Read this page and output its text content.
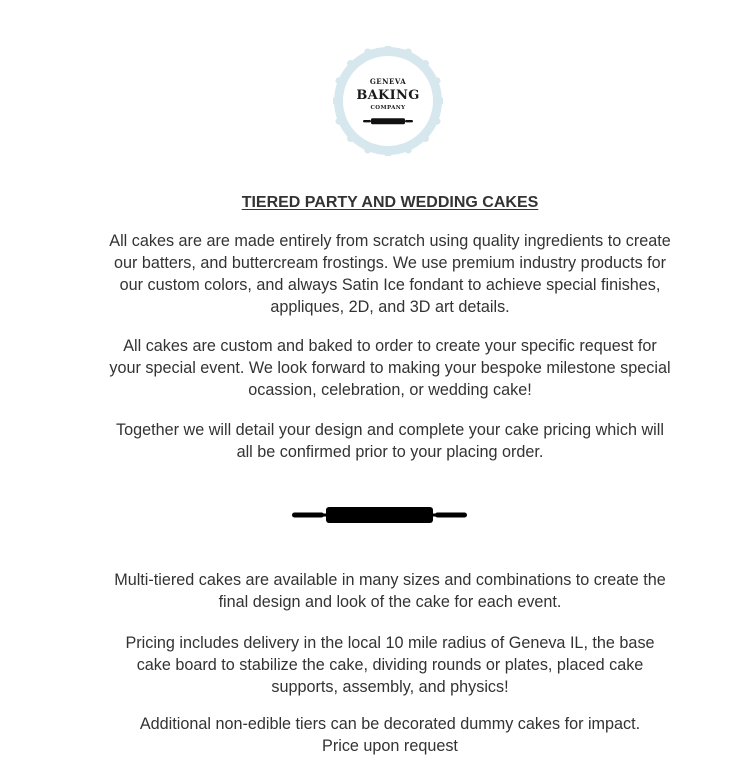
GENEVA
BAKING
COMPANY
TIERED PARTY AND WEDDING CAKES
All cakes are are made entirely from scratch using quality ingredients to create
our batters, and buttercream frostings. We use premium industry products for
our custom colors, and always Satin Ice fondant to achieve special finishes,
appliques, 2D, and 3D art details.
All cakes are custom and baked to order to create your specific request for
your special event. We look forward to making your bespoke milestone special
ocassion, celebration, or wedding cake!
Together we will detail your design and complete your cake pricing which will
all be confirmed prior to your placing order.
Multi-tiered cakes are available in many sizes and combinations to create the
final design and look of the cake for each event.
Pricing includes delivery in the local 10 mile radius of Geneva IL, the base
cake board to stabilize the cake, dividing rounds or plates, placed cake
supports, assembly, and physics!
Additional non-edible tiers can be decorated dummy cakes for impact.
Price upon request
